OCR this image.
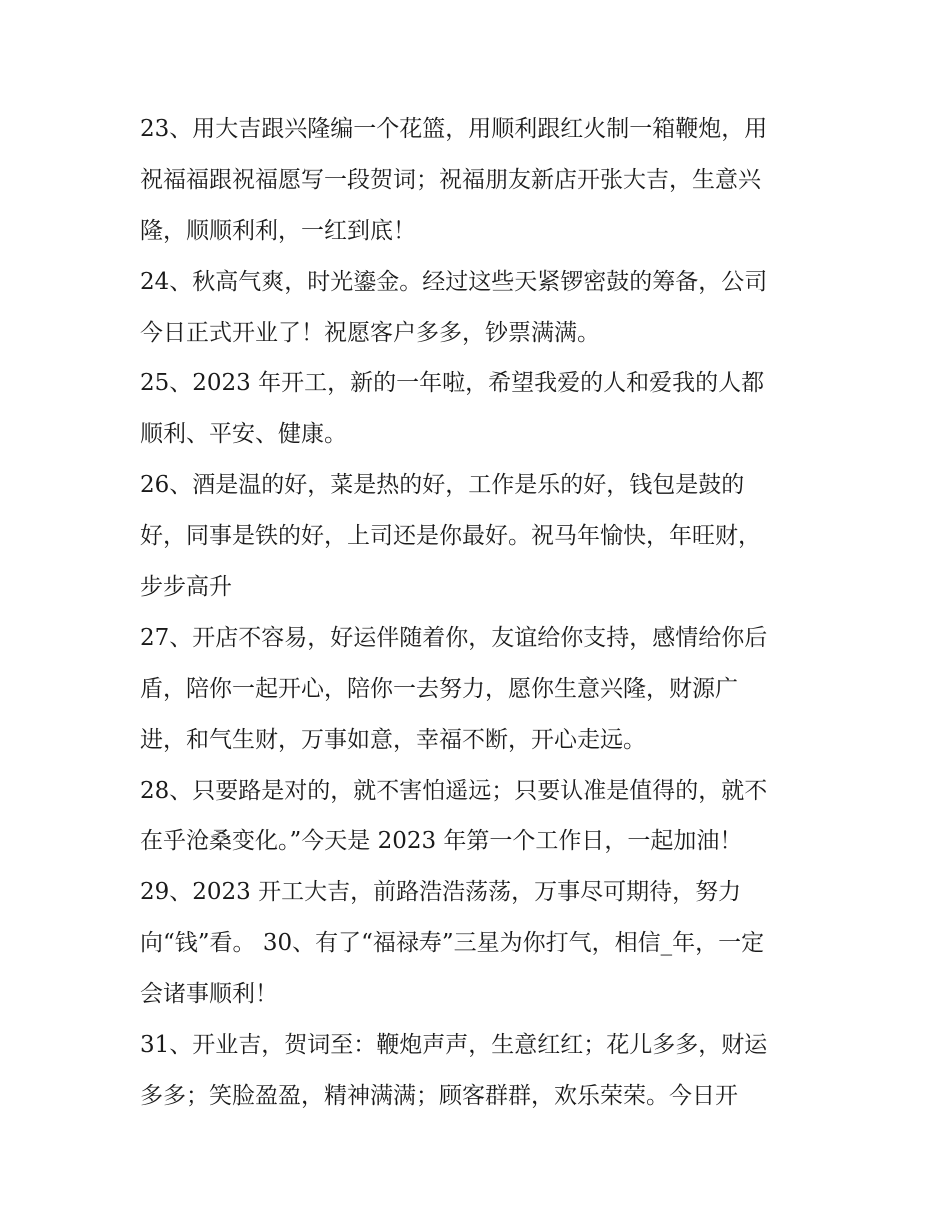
23、用大吉跟兴隆编一个花篮，用顺利跟红火制一箱鞭炮，用
祝福福跟祝福愿写一段贺词；祝福朋友新店开张大吉，生意兴
隆，顺顺利利，一红到底！
24、秋高气爽，时光鎏金。经过这些天紧锣密鼓的筹备，公司
今日正式开业了！祝愿客户多多，钞票满满。
25、2023 年开工，新的一年啦，希望我爱的人和爱我的人都
顺利、平安、健康。
26、酒是温的好，菜是热的好，工作是乐的好，钱包是鼓的
好，同事是铁的好，上司还是你最好。祝马年愉快，年旺财，
步步高升
27、开店不容易，好运伴随着你，友谊给你支持，感情给你后
盾，陪你一起开心，陪你一去努力，愿你生意兴隆，财源广
进，和气生财，万事如意，幸福不断，开心走远。
28、只要路是对的，就不害怕遥远；只要认准是值得的，就不
在乎沧桑变化。”今天是 2023 年第一个工作日，一起加油！
29、2023 开工大吉，前路浩浩荡荡，万事尽可期待，努力
向“钱”看。 30、有了“福禄寿”三星为你打气，相信_年，一定
会诸事顺利！
31、开业吉，贺词至：鞭炮声声，生意红红；花儿多多，财运
多多；笑脸盈盈，精神满满；顾客群群，欢乐荣荣。今日开
